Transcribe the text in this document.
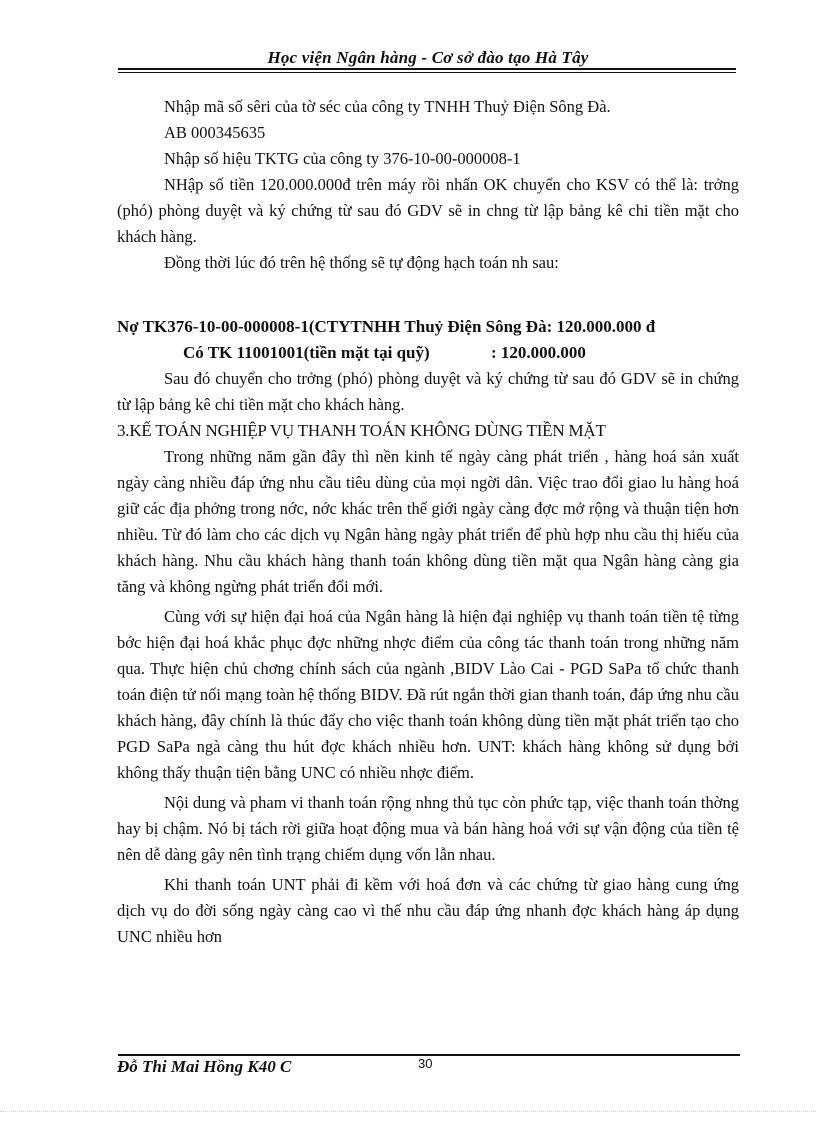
Học viện Ngân hàng - Cơ sở đào tạo Hà Tây

Nhập mã số sêri của tờ séc của công ty TNHH Thuỷ Điện Sông Đà.

AB 000345635

Nhập số hiệu TKTG của công ty 376-10-00-000008-1

NHập số tiền 120.000.000đ trên máy rồi nhấn OK chuyển cho KSV có thể là: trởng (phó) phòng duyệt và ký chứng từ sau đó GDV sẽ in chng từ lập bảng kê chi tiền mặt cho khách hàng.

Đồng thời lúc đó trên hệ thống sẽ tự động hạch toán nh sau:

Nợ TK376-10-00-000008-1(CTYTNHH Thuỷ Điện Sông Đà: 120.000.000 đ

Có TK 11001001(tiền mặt tại quỹ)	: 120.000.000

Sau đó chuyển cho trởng (phó) phòng duyệt và ký chứng từ sau đó GDV sẽ in chứng từ lập bảng kê chi tiền mặt cho khách hàng.

3.KẾ TOÁN NGHIỆP VỤ THANH TOÁN KHÔNG DÙNG TIỀN MẶT

Trong những năm gần đây thì nền kinh tế ngày càng phát triển , hàng hoá sản xuất ngày càng nhiều đáp ứng nhu cầu tiêu dùng của mọi ngời dân. Việc trao đổi giao lu hàng hoá giữ các địa phởng trong nớc, nớc khác trên thế giới ngày càng đợc mở rộng và thuận tiện hơn nhiều. Từ đó làm cho các dịch vụ Ngân hàng ngày phát triển để phù hợp nhu cầu thị hiếu của khách hàng. Nhu cầu khách hàng thanh toán không dùng tiền mặt qua Ngân hàng càng gia tăng và không ngừng phát triển đổi mới.

Cùng với sự hiện đại hoá của Ngân hàng là hiện đại nghiệp vụ thanh toán tiền tệ từng bớc hiện đại hoá khắc phục đợc những nhợc điểm của công tác thanh toán trong những năm qua. Thực hiện chủ chơng chính sách của ngành ,BIDV Lào Cai - PGD SaPa tổ chức thanh toán điện tử nối mạng toàn hệ thống BIDV. Đã rút ngắn thời gian thanh toán, đáp ứng nhu cầu khách hàng, đây chính là thúc đẩy cho việc thanh toán không dùng tiền mặt phát triển tạo cho PGD SaPa ngà càng thu hút đợc khách nhiều hơn. UNT: khách hàng không sử dụng bởi không thấy thuận tiện bằng UNC có nhiều nhợc điểm.

Nội dung và pham vi thanh toán rộng nhng thủ tục còn phức tạp, việc thanh toán thờng hay bị chậm. Nó bị tách rời giữa hoạt động mua và bán hàng hoá với sự vận động của tiền tệ nên dễ dàng gây nên tình trạng chiếm dụng vốn lẫn nhau.

Khi thanh toán UNT phải đi kềm với hoá đơn và các chứng từ giao hàng cung ứng dịch vụ do đời sống ngày càng cao vì thế nhu cầu đáp ứng nhanh đợc khách hàng áp dụng UNC nhiều hơn

Đỗ Thi Mai Hồng K40 C	30
